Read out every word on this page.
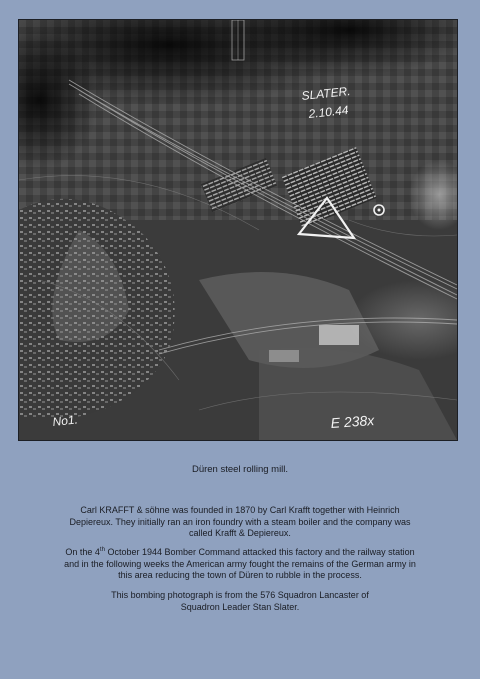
SLATER.
2.10.44
No1.	E 238x
Düren steel rolling mill.

Carl KRAFFT & söhne was founded in 1870 by Carl Krafft together with Heinrich Depiereux. They initially ran an iron foundry with a steam boiler and the company was called Krafft & Depiereux.

On the 4th October 1944 Bomber Command attacked this factory and the railway station and in the following weeks the American army fought the remains of the German army in this area reducing the town of Düren to rubble in the process.

This bombing photograph is from the 576 Squadron Lancaster of Squadron Leader Stan Slater.
